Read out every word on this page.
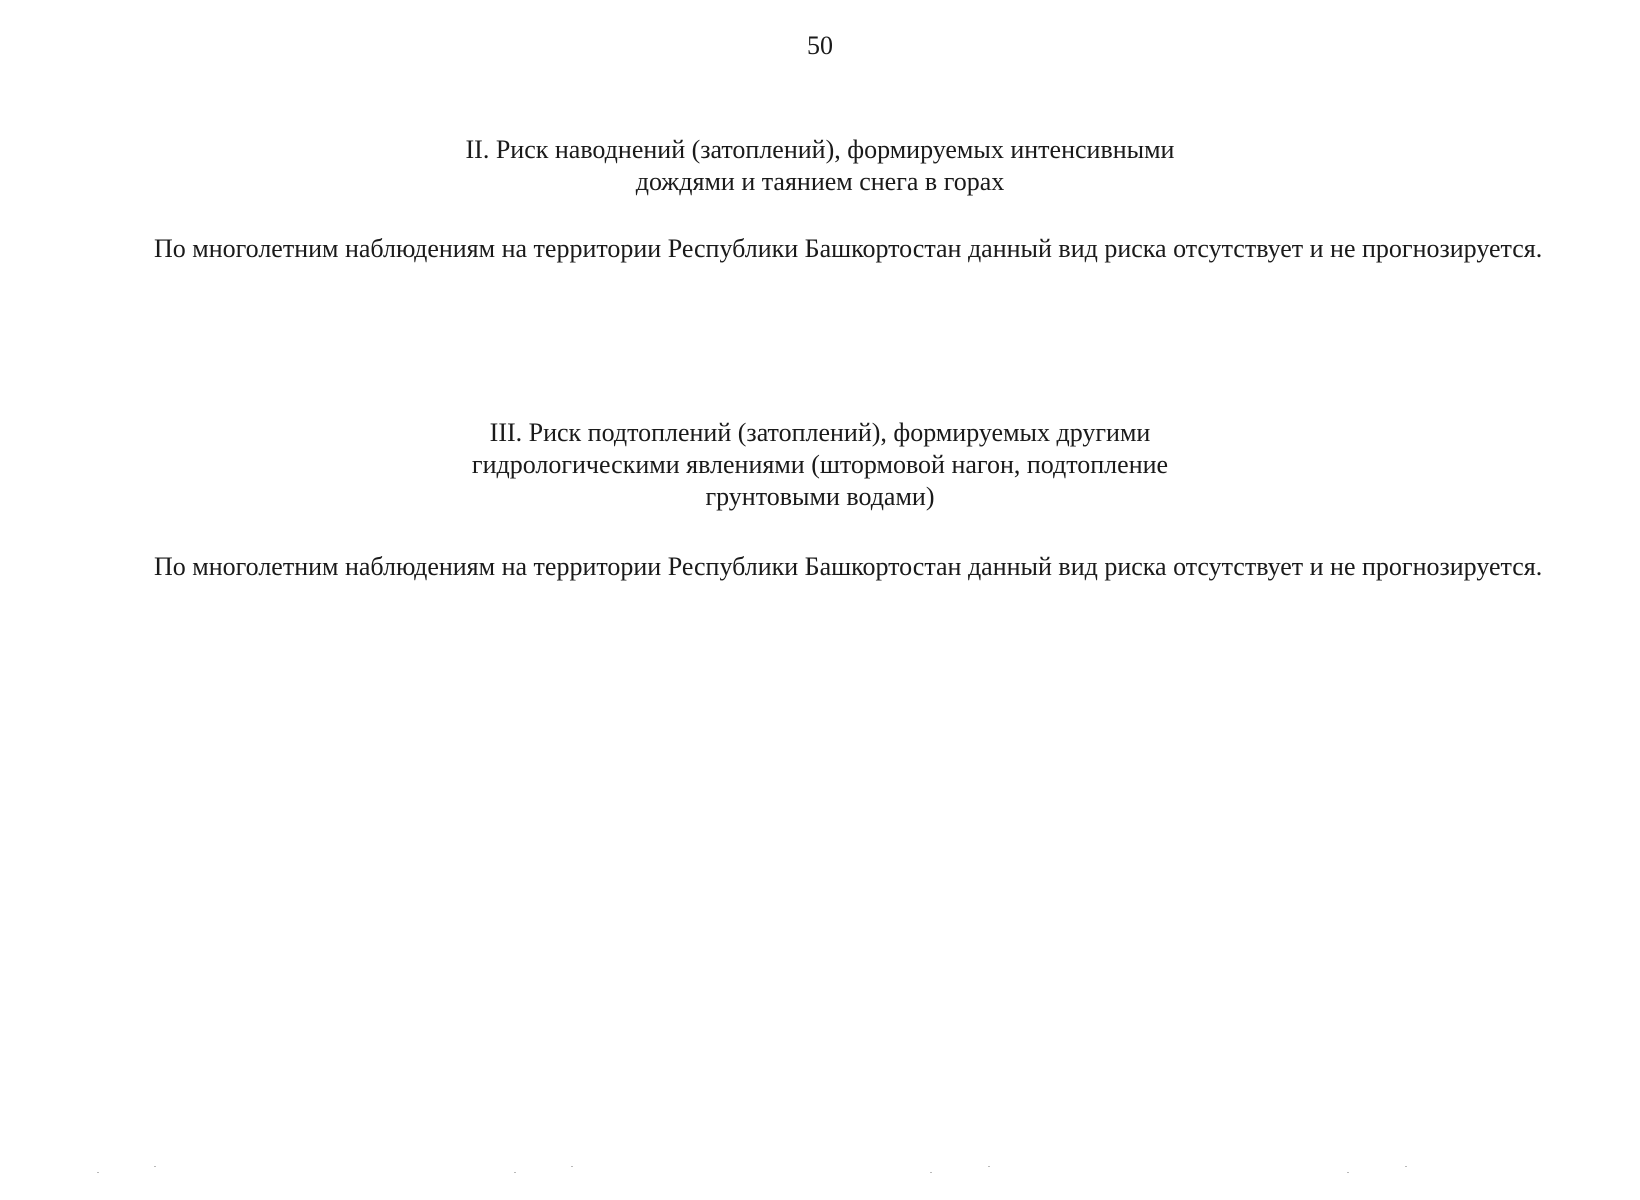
50
II. Риск наводнений (затоплений), формируемых интенсивными
дождями и таянием снега в горах

По многолетним наблюдениям на территории Республики Башкортостан данный вид риска отсутствует и не прогнозируется.

III. Риск подтоплений (затоплений), формируемых другими
гидрологическими явлениями (штормовой нагон, подтопление
грунтовыми водами)

По многолетним наблюдениям на территории Республики Башкортостан данный вид риска отсутствует и не прогнозируется.
